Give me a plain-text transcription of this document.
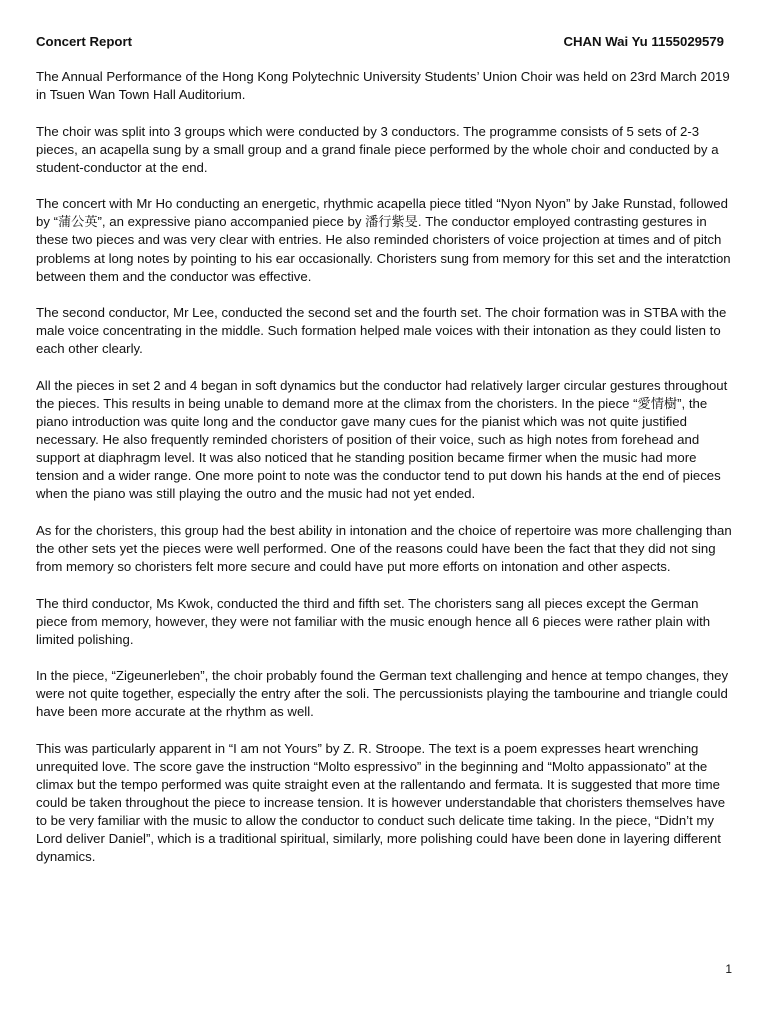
Concert Report	CHAN Wai Yu 1155029579

The Annual Performance of the Hong Kong Polytechnic University Students’ Union Choir was held on 23rd March 2019 in Tsuen Wan Town Hall Auditorium.

The choir was split into 3 groups which were conducted by 3 conductors. The programme consists of 5 sets of 2-3 pieces, an acapella sung by a small group and a grand finale piece performed by the whole choir and conducted by a student-conductor at the end.

The concert with Mr Ho conducting an energetic, rhythmic acapella piece titled “Nyon Nyon” by Jake Runstad, followed by “蒲公英”, an expressive piano accompanied piece by 潘行紫旻. The conductor employed contrasting gestures in these two pieces and was very clear with entries. He also reminded choristers of voice projection at times and of pitch problems at long notes by pointing to his ear occasionally. Choristers sung from memory for this set and the interatction between them and the conductor was effective.

The second conductor, Mr Lee, conducted the second set and the fourth set. The choir formation was in STBA with the male voice concentrating in the middle. Such formation helped male voices with their intonation as they could listen to each other clearly.

All the pieces in set 2 and 4 began in soft dynamics but the conductor had relatively larger circular gestures throughout the pieces. This results in being unable to demand more at the climax from the choristers. In the piece “愛情樹”, the piano introduction was quite long and the conductor gave many cues for the pianist which was not quite justified necessary. He also frequently reminded choristers of position of their voice, such as high notes from forehead and support at diaphragm level. It was also noticed that he standing position became firmer when the music had more tension and a wider range. One more point to note was the conductor tend to put down his hands at the end of pieces when the piano was still playing the outro and the music had not yet ended.

As for the choristers, this group had the best ability in intonation and the choice of repertoire was more challenging than the other sets yet the pieces were well performed. One of the reasons could have been the fact that they did not sing from memory so choristers felt more secure and could have put more efforts on intonation and other aspects.

The third conductor, Ms Kwok, conducted the third and fifth set. The choristers sang all pieces except the German piece from memory, however, they were not familiar with the music enough hence all 6 pieces were rather plain with limited polishing.

In the piece, “Zigeunerleben”, the choir probably found the German text challenging and hence at tempo changes, they were not quite together, especially the entry after the soli. The percussionists playing the tambourine and triangle could have been more accurate at the rhythm as well.

This was particularly apparent in “I am not Yours” by Z. R. Stroope. The text is a poem expresses heart wrenching unrequited love. The score gave the instruction “Molto espressivo” in the beginning and “Molto appassionato” at the climax but the tempo performed was quite straight even at the rallentando and fermata. It is suggested that more time could be taken throughout the piece to increase tension. It is however understandable that choristers themselves have to be very familiar with the music to allow the conductor to conduct such delicate time taking. In the piece, “Didn’t my Lord deliver Daniel”, which is a traditional spiritual, similarly, more polishing could have been done in layering different dynamics.

1
